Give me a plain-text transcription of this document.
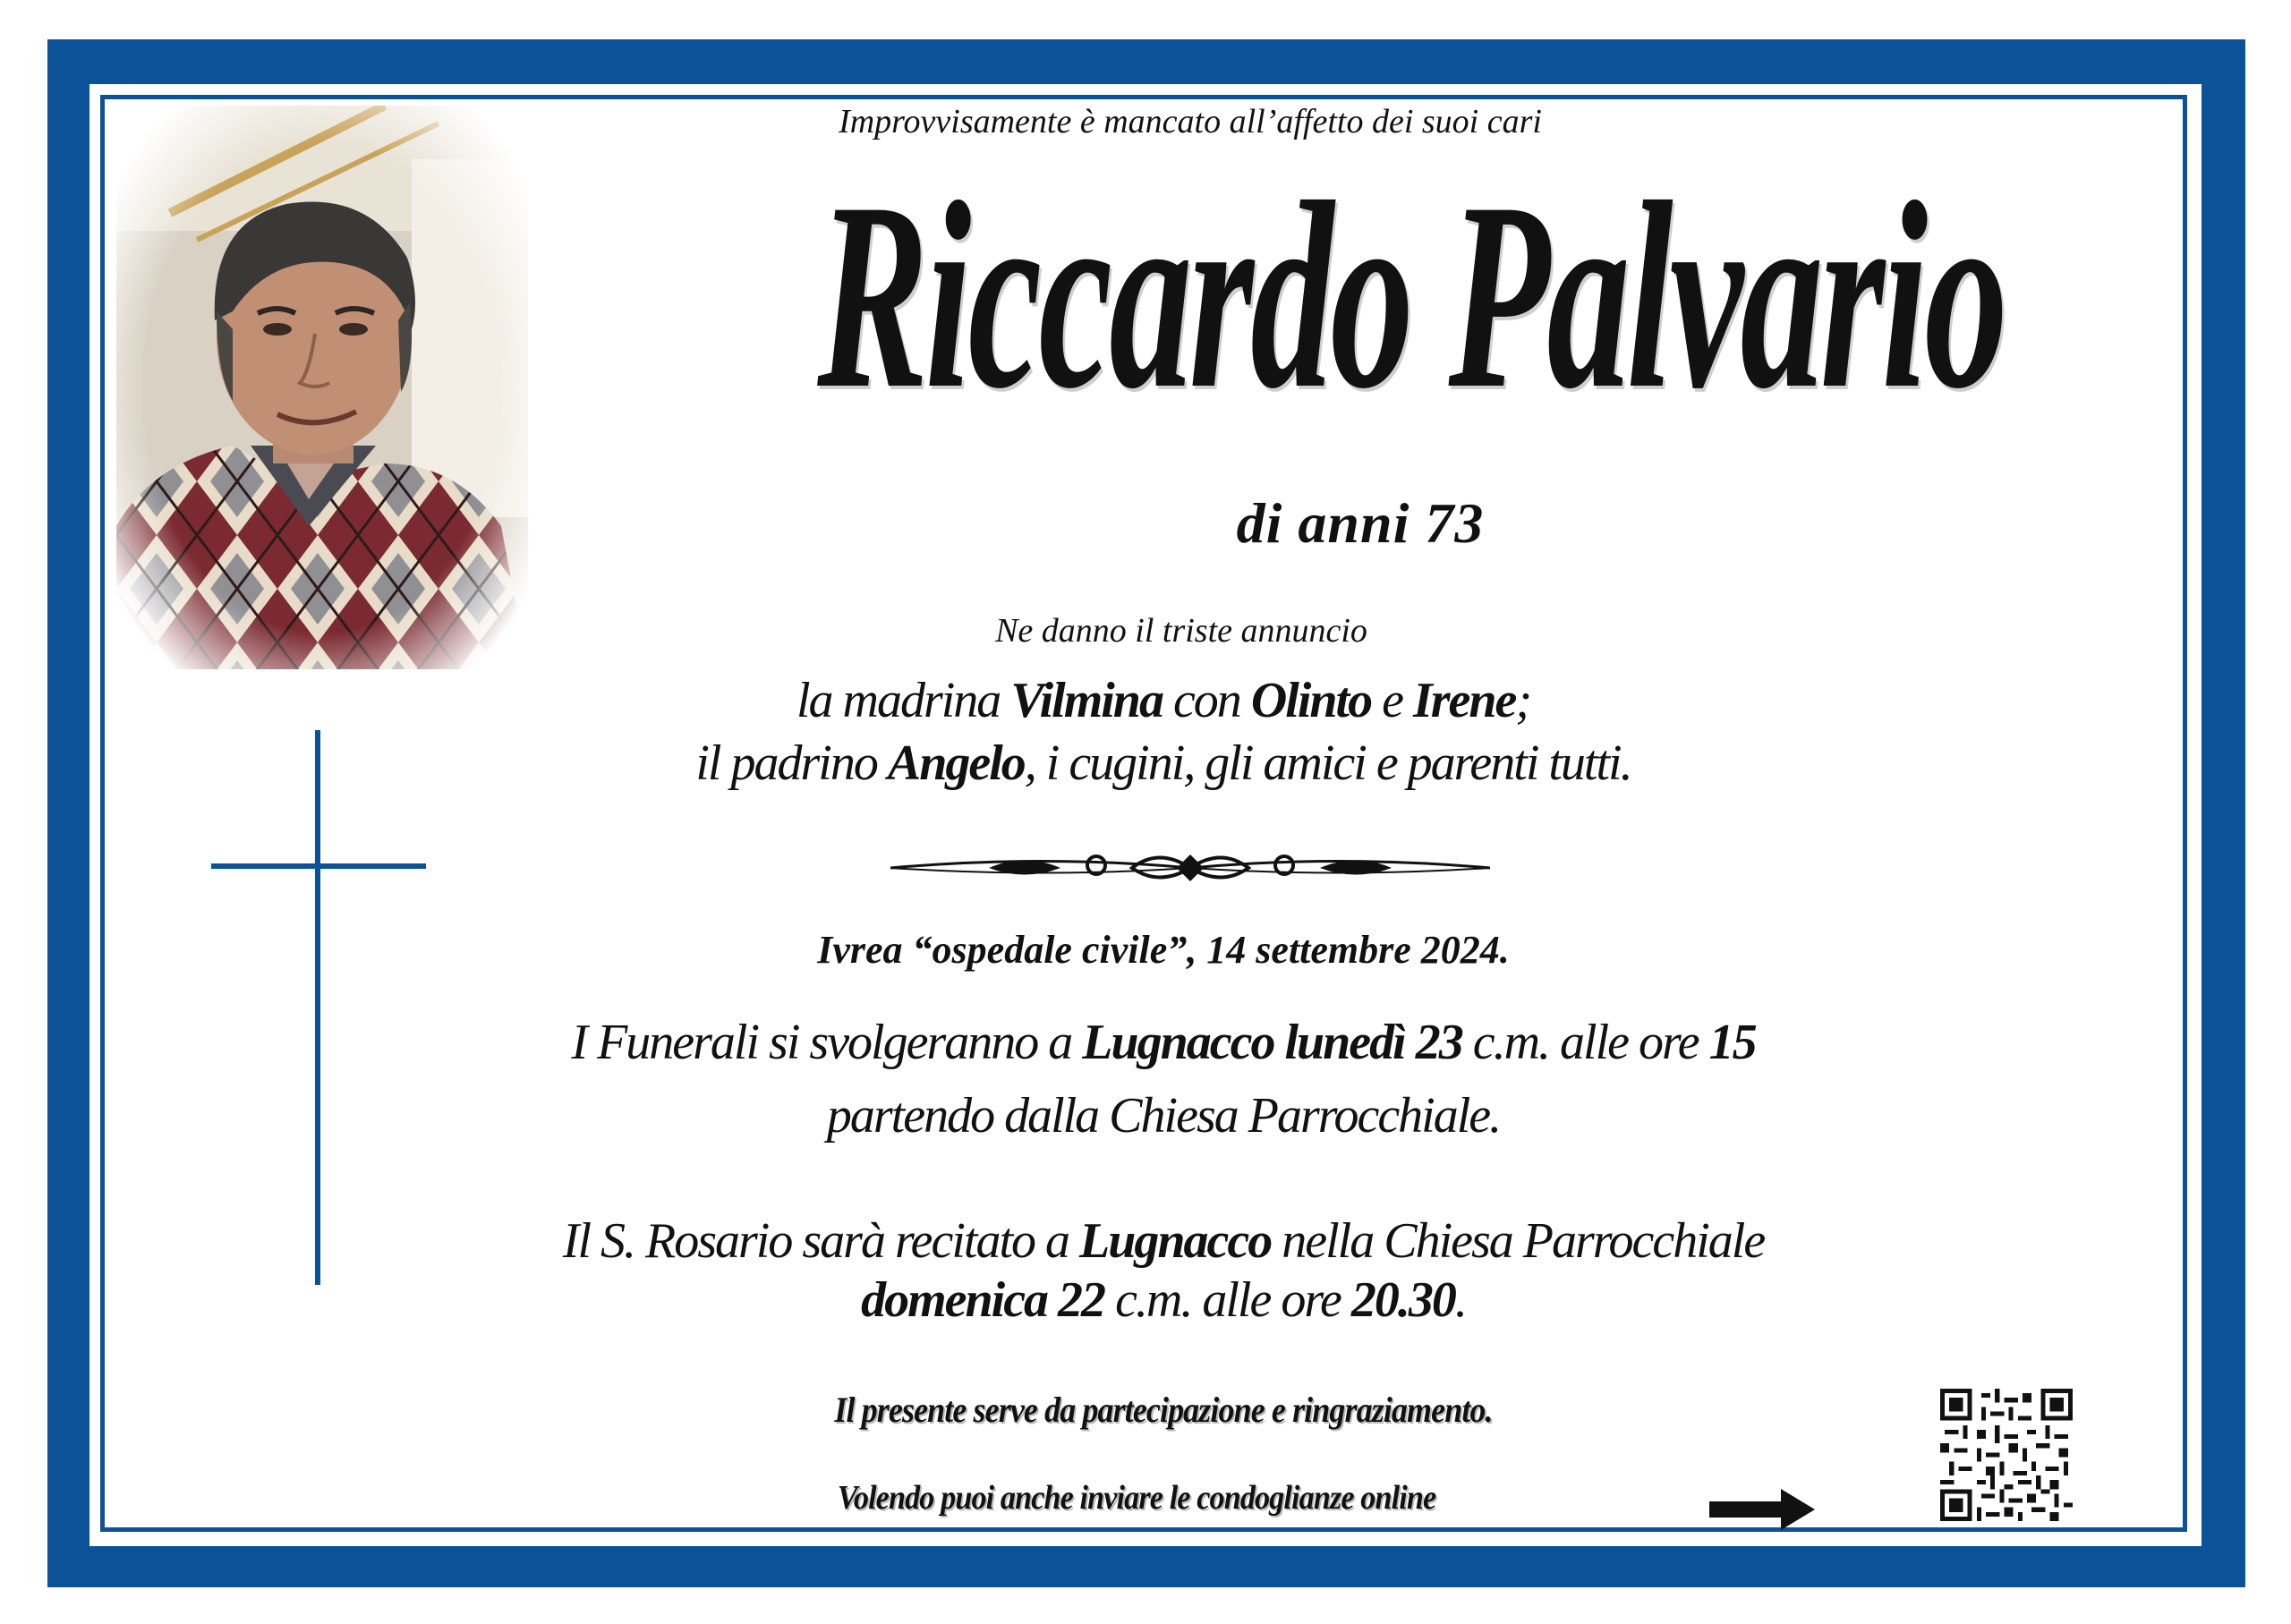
Improvvisamente è mancato all’affetto dei suoi cari
Riccardo Palvario
di anni 73
Ne danno il triste annuncio
la madrina Vilmina con Olinto e Irene;
il padrino Angelo, i cugini, gli amici e parenti tutti.
Ivrea “ospedale civile”, 14 settembre 2024.
I Funerali si svolgeranno a Lugnacco lunedì 23 c.m. alle ore 15
partendo dalla Chiesa Parrocchiale.
Il S. Rosario sarà recitato a Lugnacco nella Chiesa Parrocchiale
domenica 22 c.m. alle ore 20.30.
Il presente serve da partecipazione e ringraziamento.
Volendo puoi anche inviare le condoglianze online
